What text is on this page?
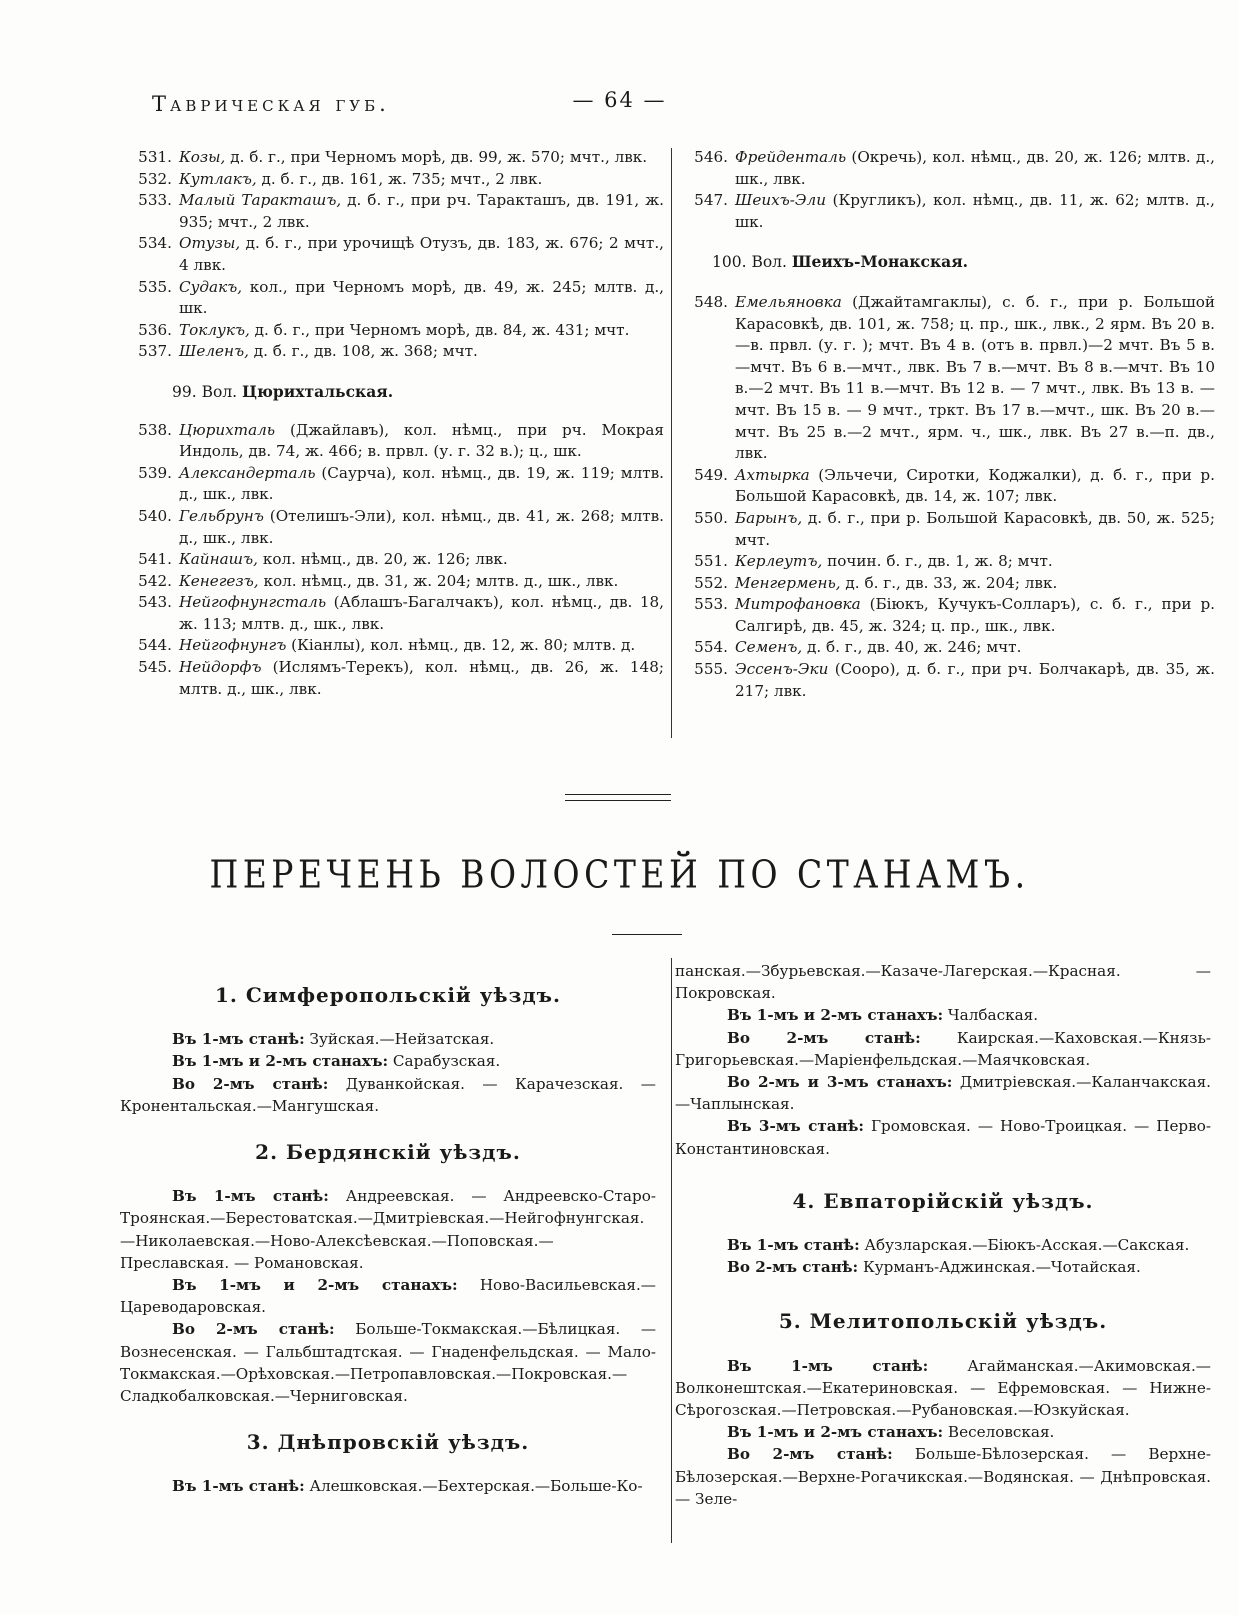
Таврическая губ.	— 64 —
531. Козы, д. б. г., при Черномъ морѣ, дв. 99, ж. 570; мчт., лвк.
532. Кутлакъ, д. б. г., дв. 161, ж. 735; мчт., 2 лвк.
533. Малый Таракташъ, д. б. г., при рч. Таракташъ, дв. 191, ж. 935; мчт., 2 лвк.
534. Отузы, д. б. г., при урочищѣ Отузъ, дв. 183, ж. 676; 2 мчт., 4 лвк.
535. Судакъ, кол., при Черномъ морѣ, дв. 49, ж. 245; млтв. д., шк.
536. Токлукъ, д. б. г., при Черномъ морѣ, дв. 84, ж. 431; мчт.
537. Шеленъ, д. б. г., дв. 108, ж. 368; мчт.
99. Вол. Цюрихтальская.
538. Цюрихталь (Джайлавъ), кол. нѣмц., при рч. Мокрая Индоль, дв. 74, ж. 466; в. првл. (у. г. 32 в.); ц., шк.
539. Александерталь (Саурча), кол. нѣмц., дв. 19, ж. 119; млтв. д., шк., лвк.
540. Гельбрунъ (Отелишъ-Эли), кол. нѣмц., дв. 41, ж. 268; млтв. д., шк., лвк.
541. Кайнашъ, кол. нѣмц., дв. 20, ж. 126; лвк.
542. Кенегезъ, кол. нѣмц., дв. 31, ж. 204; млтв. д., шк., лвк.
543. Нейгофнунгсталь (Аблашъ-Багалчакъ), кол. нѣмц., дв. 18, ж. 113; млтв. д., шк., лвк.
544. Нейгофнунгъ (Кіанлы), кол. нѣмц., дв. 12, ж. 80; млтв. д.
545. Нейдорфъ (Ислямъ-Терекъ), кол. нѣмц., дв. 26, ж. 148; млтв. д., шк., лвк.
546. Фрейденталь (Окречь), кол. нѣмц., дв. 20, ж. 126; млтв. д., шк., лвк.
547. Шеихъ-Эли (Кругликъ), кол. нѣмц., дв. 11, ж. 62; млтв. д., шк.
100. Вол. Шеихъ-Монакская.
548. Емельяновка (Джайтамгаклы), с. б. г., при р. Большой Карасовкѣ, дв. 101, ж. 758; ц. пр., шк., лвк., 2 ярм. Въ 20 в.—в. првл. (у. г. ); мчт. Въ 4 в. (отъ в. првл.)—2 мчт. Въ 5 в.—мчт. Въ 6 в.—мчт., лвк. Въ 7 в.—мчт. Въ 8 в.—мчт. Въ 10 в.—2 мчт. Въ 11 в.—мчт. Въ 12 в. — 7 мчт., лвк. Въ 13 в. — мчт. Въ 15 в. — 9 мчт., тркт. Въ 17 в.—мчт., шк. Въ 20 в.—мчт. Въ 25 в.—2 мчт., ярм. ч., шк., лвк. Въ 27 в.—п. дв., лвк.
549. Ахтырка (Эльчечи, Сиротки, Коджалки), д. б. г., при р. Большой Карасовкѣ, дв. 14, ж. 107; лвк.
550. Барынъ, д. б. г., при р. Большой Карасовкѣ, дв. 50, ж. 525; мчт.
551. Керлеутъ, почин. б. г., дв. 1, ж. 8; мчт.
552. Менгермень, д. б. г., дв. 33, ж. 204; лвк.
553. Митрофановка (Біюкъ, Кучукъ-Солларъ), с. б. г., при р. Салгирѣ, дв. 45, ж. 324; ц. пр., шк., лвк.
554. Семенъ, д. б. г., дв. 40, ж. 246; мчт.
555. Эссенъ-Эки (Сооро), д. б. г., при рч. Болчакарѣ, дв. 35, ж. 217; лвк.
ПЕРЕЧЕНЬ ВОЛОСТЕЙ ПО СТАНАМЪ.
1. Симферопольскій уѣздъ.
Въ 1-мъ станѣ: Зуйская.—Нейзатская.
Въ 1-мъ и 2-мъ станахъ: Сарабузская.
Во 2-мъ станѣ: Дуванкойская. — Карачезская. — Кронентальская.—Мангушская.
2. Бердянскій уѣздъ.
Въ 1-мъ станѣ: Андреевская. — Андреевско-Старо-Троянская.—Берестоватская.—Дмитріевская.—Нейгофнунгская.—Николаевская.—Ново-Алексѣевская.—Поповская.—Преславская. — Романовская.
Въ 1-мъ и 2-мъ станахъ: Ново-Васильевская.—Цареводаровская.
Во 2-мъ станѣ: Больше-Токмакская.—Бѣлицкая. — Вознесенская. — Гальбштадтская. — Гнаденфельдская. — Мало-Токмакская.—Орѣховская.—Петропавловская.—Покровская.—Сладкобалковская.—Черниговская.
3. Днѣпровскій уѣздъ.
Въ 1-мъ станѣ: Алешковская.—Бехтерская.—Больше-Ко-
панская.—Збурьевская.—Казаче-Лагерская.—Красная. — Покровская.
Въ 1-мъ и 2-мъ станахъ: Чалбаская.
Во 2-мъ станѣ: Каирская.—Каховская.—Князь-Григорьевская.—Маріенфельдская.—Маячковская.
Во 2-мъ и 3-мъ станахъ: Дмитріевская.—Каланчакская.—Чаплынская.
Въ 3-мъ станѣ: Громовская. — Ново-Троицкая. — Перво-Константиновская.
4. Евпаторійскій уѣздъ.
Въ 1-мъ станѣ: Абузларская.—Біюкъ-Асская.—Сакская.
Во 2-мъ станѣ: Курманъ-Аджинская.—Чотайская.
5. Мелитопольскій уѣздъ.
Въ 1-мъ станѣ: Агайманская.—Акимовская.—Волконештская.—Екатериновская. — Ефремовская. — Нижне-Сѣрогозская.—Петровская.—Рубановская.—Юзкуйская.
Въ 1-мъ и 2-мъ станахъ: Веселовская.
Во 2-мъ станѣ: Больше-Бѣлозерская. — Верхне-Бѣлозерская.—Верхне-Рогачикская.—Водянская. — Днѣпровская. — Зеле-
